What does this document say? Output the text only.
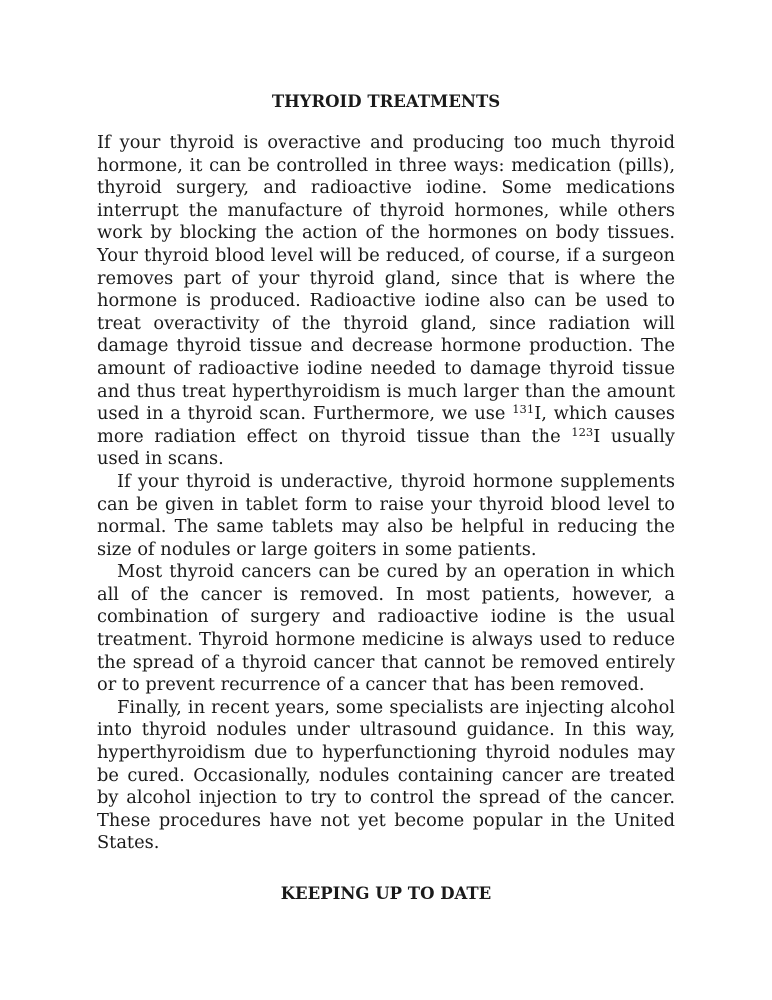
THYROID TREATMENTS

If your thyroid is overactive and producing too much thyroid hormone, it can be controlled in three ways: medication (pills), thyroid surgery, and radioactive iodine. Some medications interrupt the manufacture of thyroid hormones, while others work by blocking the action of the hormones on body tissues. Your thyroid blood level will be reduced, of course, if a surgeon removes part of your thyroid gland, since that is where the hormone is produced. Radioactive iodine also can be used to treat overactivity of the thyroid gland, since radiation will damage thyroid tissue and decrease hormone production. The amount of radioactive iodine needed to damage thyroid tissue and thus treat hyperthyroidism is much larger than the amount used in a thyroid scan. Furthermore, we use $^{131}$I, which causes more radiation effect on thyroid tissue than the $^{123}$I usually used in scans.

If your thyroid is underactive, thyroid hormone supplements can be given in tablet form to raise your thyroid blood level to normal. The same tablets may also be helpful in reducing the size of nodules or large goiters in some patients.

Most thyroid cancers can be cured by an operation in which all of the cancer is removed. In most patients, however, a combination of surgery and radioactive iodine is the usual treatment. Thyroid hormone medicine is always used to reduce the spread of a thyroid cancer that cannot be removed entirely or to prevent recurrence of a cancer that has been removed.

Finally, in recent years, some specialists are injecting alcohol into thyroid nodules under ultrasound guidance. In this way, hyperthyroidism due to hyperfunctioning thyroid nodules may be cured. Occasionally, nodules containing cancer are treated by alcohol injection to try to control the spread of the cancer. These procedures have not yet become popular in the United States.

KEEPING UP TO DATE
